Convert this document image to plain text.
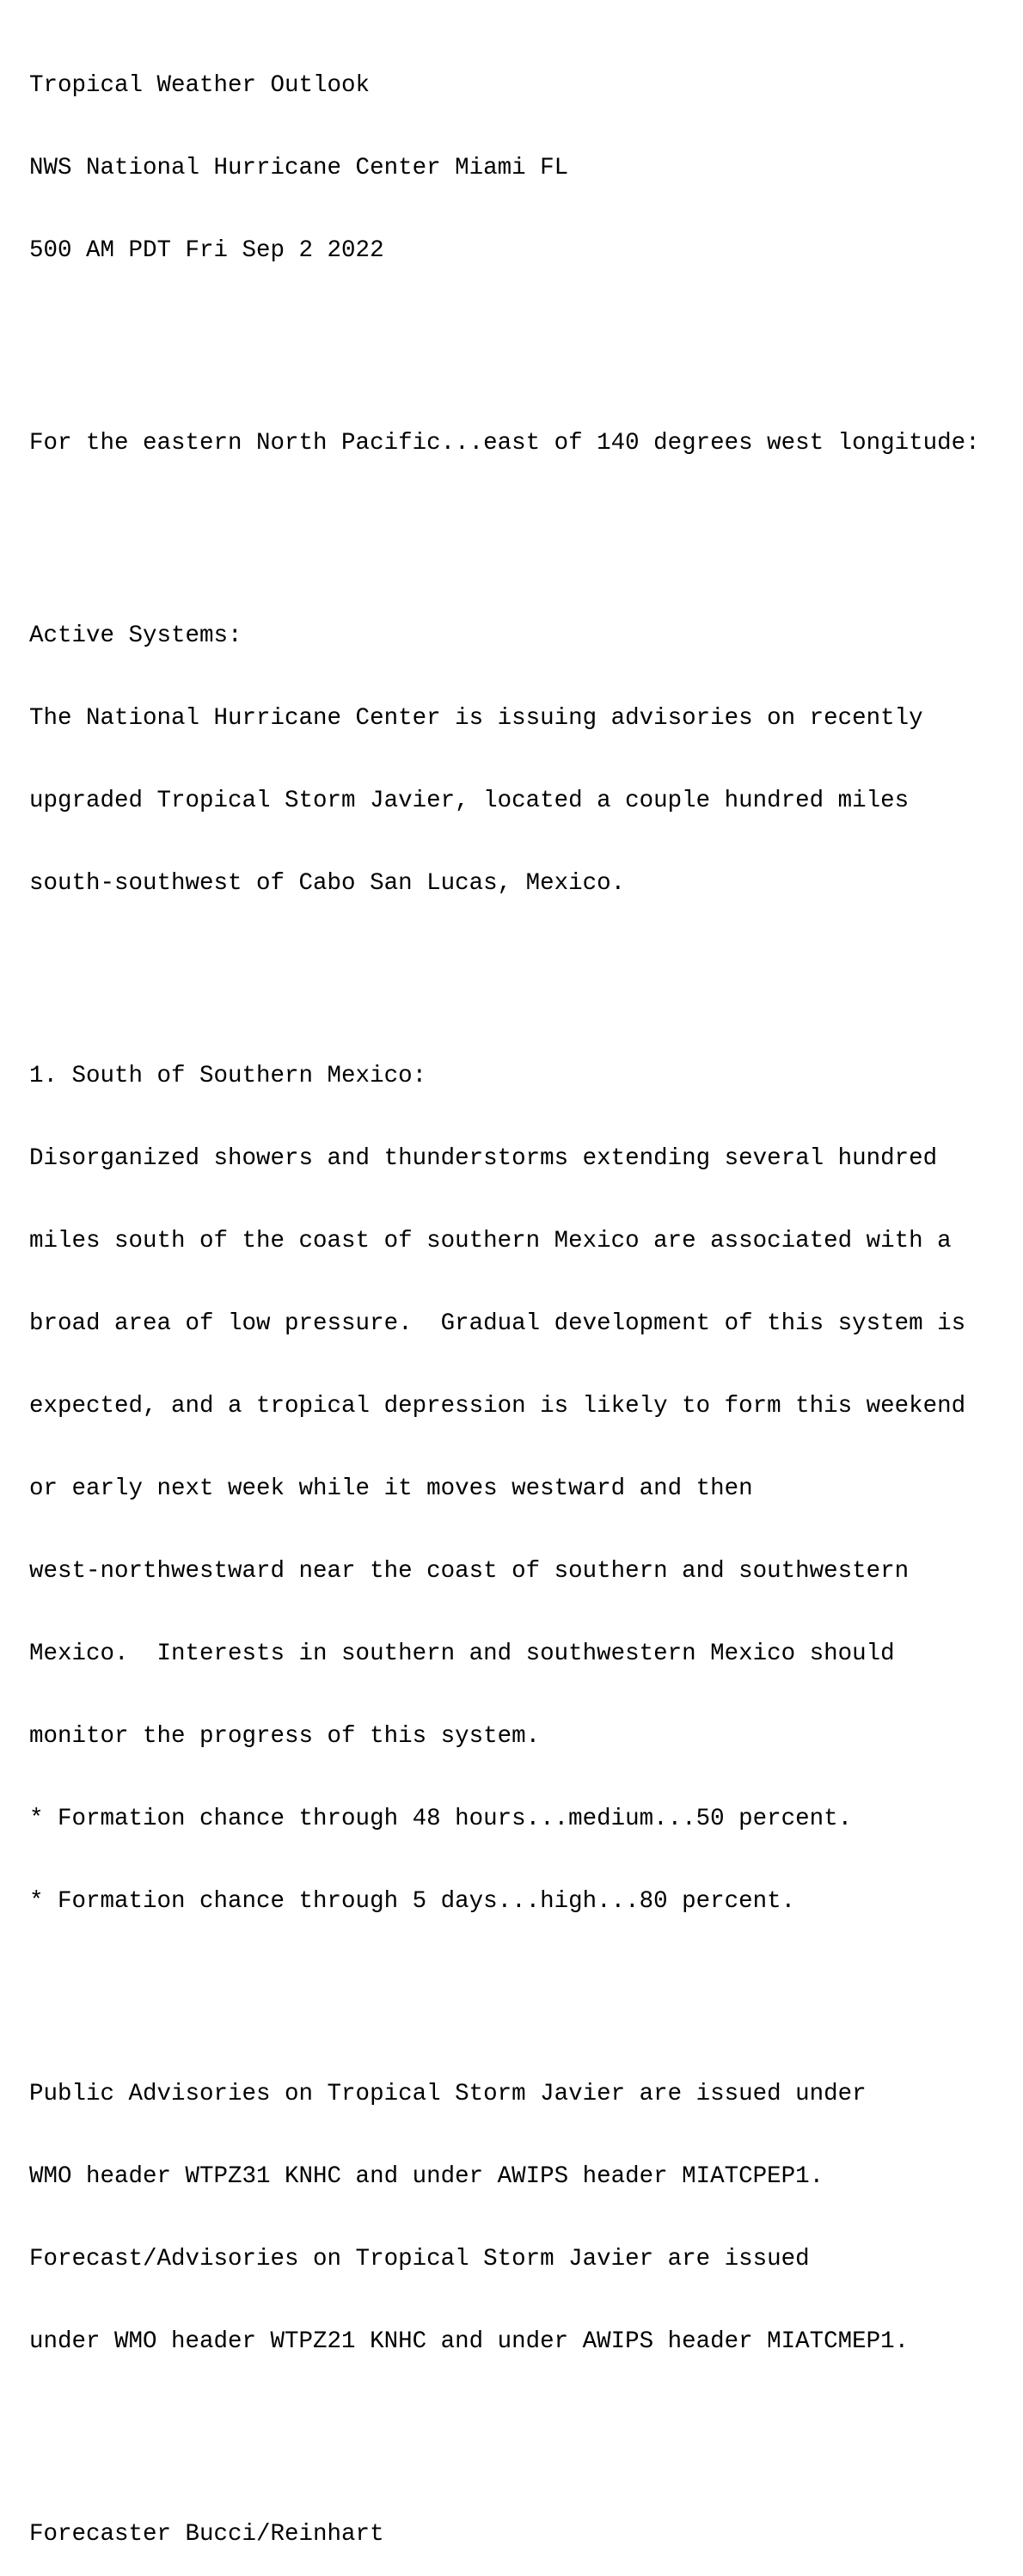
Tropical Weather Outlook

NWS National Hurricane Center Miami FL

500 AM PDT Fri Sep 2 2022

For the eastern North Pacific...east of 140 degrees west longitude:

Active Systems:

The National Hurricane Center is issuing advisories on recently

upgraded Tropical Storm Javier, located a couple hundred miles

south-southwest of Cabo San Lucas, Mexico.

1. South of Southern Mexico:

Disorganized showers and thunderstorms extending several hundred

miles south of the coast of southern Mexico are associated with a

broad area of low pressure.  Gradual development of this system is

expected, and a tropical depression is likely to form this weekend

or early next week while it moves westward and then

west-northwestward near the coast of southern and southwestern

Mexico.  Interests in southern and southwestern Mexico should

monitor the progress of this system.

* Formation chance through 48 hours...medium...50 percent.

* Formation chance through 5 days...high...80 percent.

Public Advisories on Tropical Storm Javier are issued under

WMO header WTPZ31 KNHC and under AWIPS header MIATCPEP1.

Forecast/Advisories on Tropical Storm Javier are issued

under WMO header WTPZ21 KNHC and under AWIPS header MIATCMEP1.

Forecaster Bucci/Reinhart
